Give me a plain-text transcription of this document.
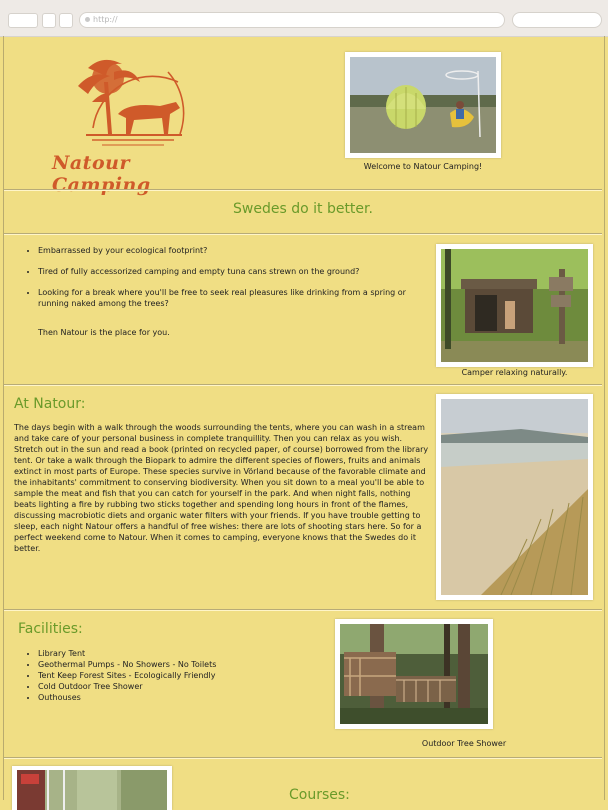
http://
Natour Camping
Welcome to Natour Camping!
Swedes do it better.
• Embarrassed by your ecological footprint?
• Tired of fully accessorized camping and empty tuna cans strewn on the ground?
• Looking for a break where you'll be free to seek real pleasures like drinking from a spring or running naked among the trees?
Then Natour is the place for you.
Camper relaxing naturally.
At Natour:
The days begin with a walk through the woods surrounding the tents, where you can wash in a stream and take care of your personal business in complete tranquillity. Then you can relax as you wish. Stretch out in the sun and read a book (printed on recycled paper, of course) borrowed from the library tent. Or take a walk through the Biopark to admire the different species of flowers, fruits and animals extinct in most parts of Europe. These species survive in Vörland because of the favorable climate and the inhabitants' commitment to conserving biodiversity. When you sit down to a meal you'll be able to sample the meat and fish that you can catch for yourself in the park. And when night falls, nothing beats lighting a fire by rubbing two sticks together and spending long hours in front of the flames, discussing macrobiotic diets and organic water filters with your friends. If you have trouble getting to sleep, each night Natour offers a handful of free wishes: there are lots of shooting stars here. So for a perfect weekend come to Natour. When it comes to camping, everyone knows that the Swedes do it better.
Facilities:
• Library Tent
• Geothermal Pumps - No Showers - No Toilets
• Tent Keep Forest Sites - Ecologically Friendly
• Cold Outdoor Tree Shower
• Outhouses
Outdoor Tree Shower
Courses:
